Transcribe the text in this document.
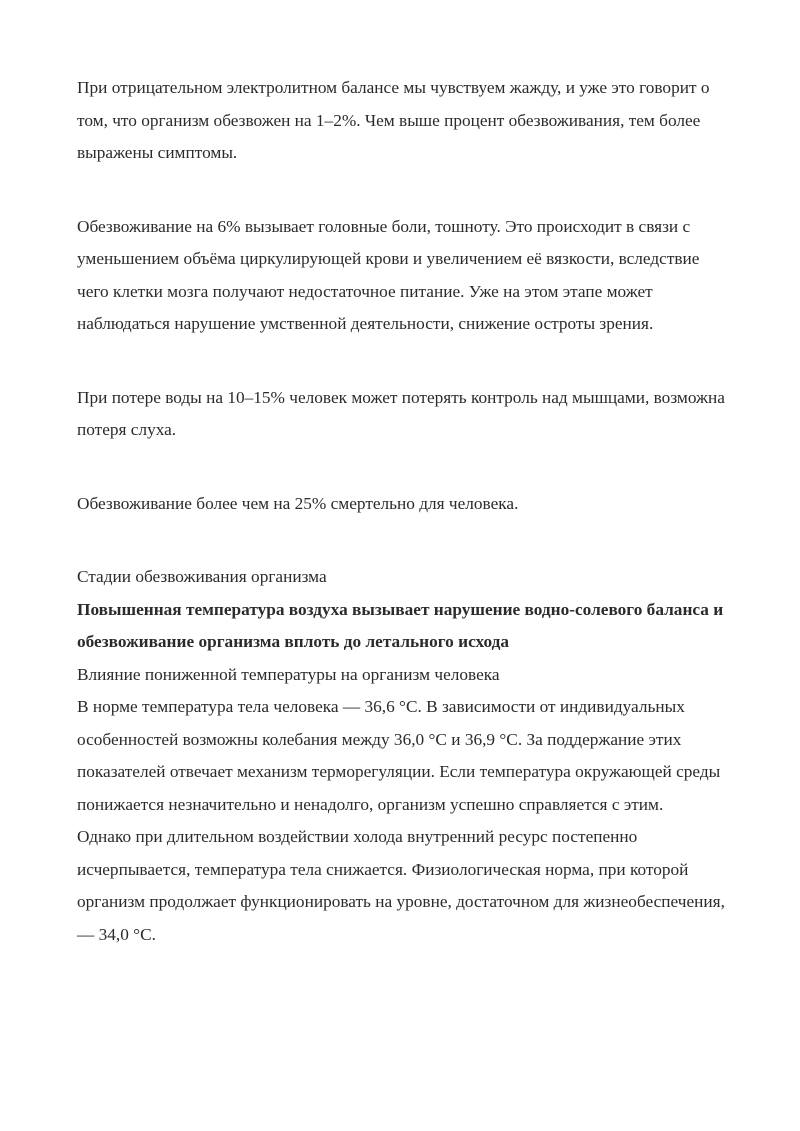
При отрицательном электролитном балансе мы чувствуем жажду, и уже это говорит о том, что организм обезвожен на 1–2%. Чем выше процент обезвоживания, тем более выражены симптомы.

Обезвоживание на 6% вызывает головные боли, тошноту. Это происходит в связи с уменьшением объёма циркулирующей крови и увеличением её вязкости, вследствие чего клетки мозга получают недостаточное питание. Уже на этом этапе может наблюдаться нарушение умственной деятельности, снижение остроты зрения.

При потере воды на 10–15% человек может потерять контроль над мышцами, возможна потеря слуха.

Обезвоживание более чем на 25% смертельно для человека.

Стадии обезвоживания организма

Повышенная температура воздуха вызывает нарушение водно-солевого баланса и обезвоживание организма вплоть до летального исхода

Влияние пониженной температуры на организм человека

В норме температура тела человека — 36,6 °C. В зависимости от индивидуальных особенностей возможны колебания между 36,0 °C и 36,9 °C. За поддержание этих показателей отвечает механизм терморегуляции. Если температура окружающей среды понижается незначительно и ненадолго, организм успешно справляется с этим.

Однако при длительном воздействии холода внутренний ресурс постепенно исчерпывается, температура тела снижается. Физиологическая норма, при которой организм продолжает функционировать на уровне, достаточном для жизнеобеспечения, — 34,0 °C.
